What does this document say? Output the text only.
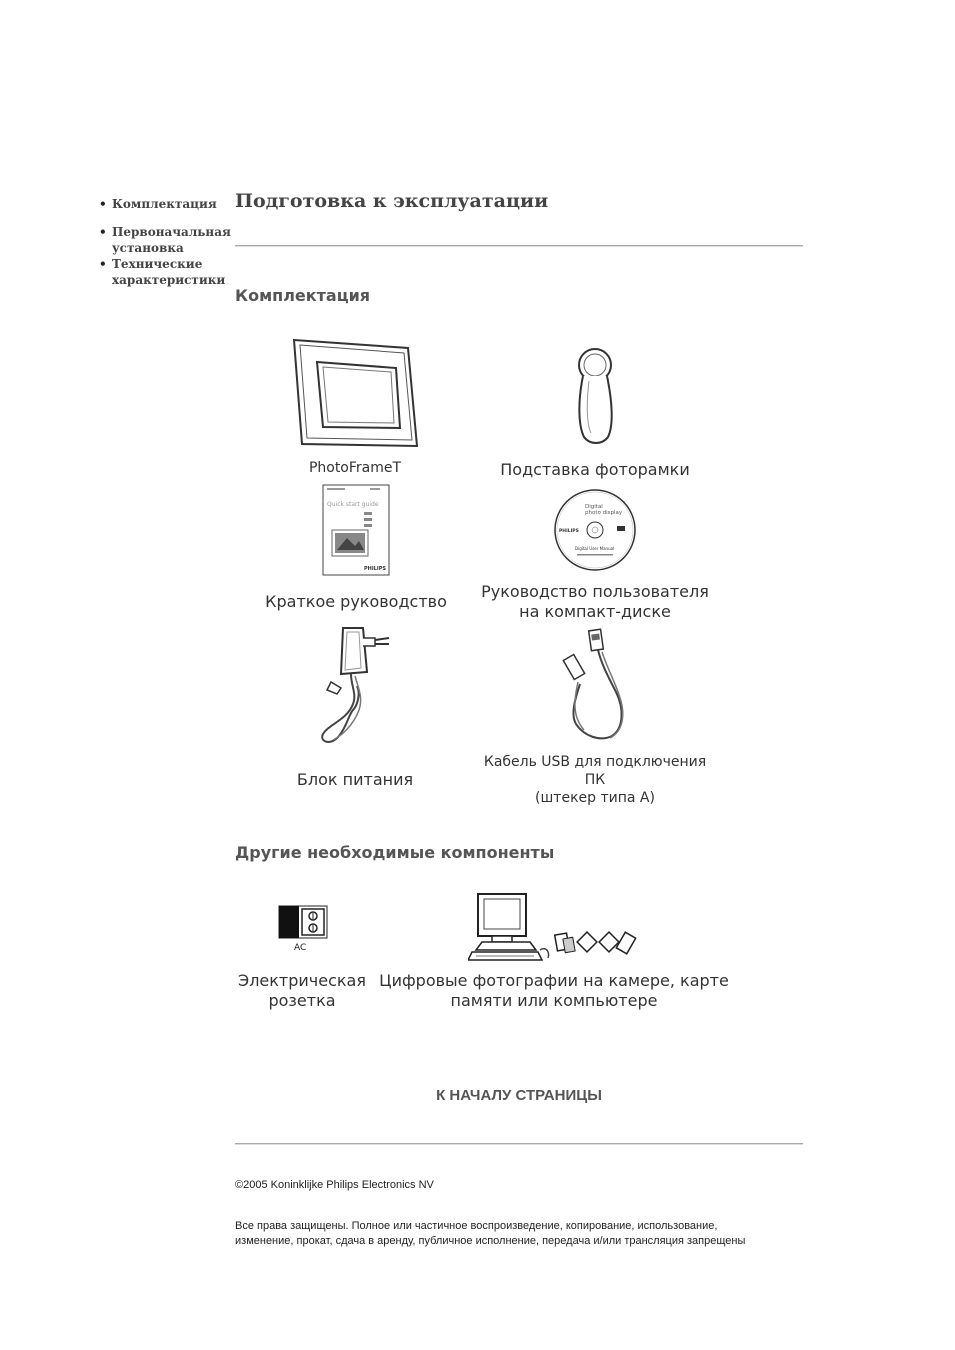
• Комплектация
• Первоначальная установка
• Технические характеристики
Подготовка к эксплуатации
Комплектация
PhotoFrameT	Подставка фоторамки
Quick start guide
PHILIPS
Краткое руководство
Digital
photo display
PHILIPS
Digital User Manual
Руководство пользователя
на компакт-диске
Блок питания
Кабель USB для подключения
ПК
(штекер типа A)
Другие необходимые компоненты
AC
Электрическая
розетка
Цифровые фотографии на камере, карте
памяти или компьютере
К НАЧАЛУ СТРАНИЦЫ
©2005 Koninklijke Philips Electronics NV
Все права защищены. Полное или частичное воспроизведение, копирование, использование,
изменение, прокат, сдача в аренду, публичное исполнение, передача и/или трансляция запрещены
